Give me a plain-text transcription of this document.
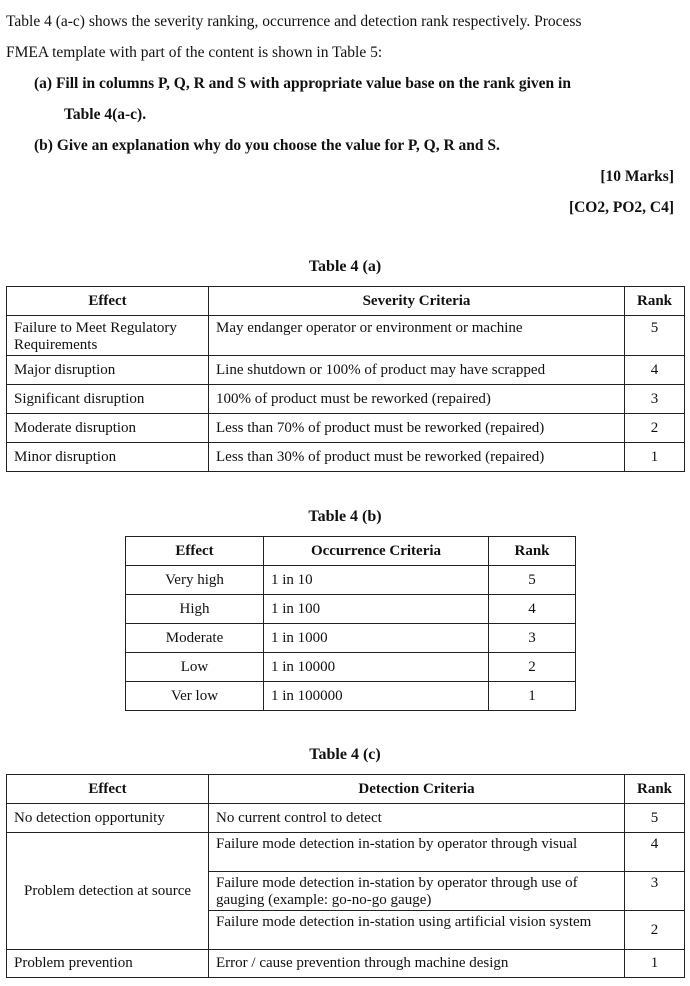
Table 4 (a-c) shows the severity ranking, occurrence and detection rank respectively. Process

FMEA template with part of the content is shown in Table 5:

(a) Fill in columns P, Q, R and S with appropriate value base on the rank given in

Table 4(a-c).

(b) Give an explanation why do you choose the value for P, Q, R and S.

[10 Marks]

[CO2, PO2, C4]

Table 4 (a)
Effect	Severity Criteria	Rank
Failure to Meet Regulatory Requirements	May endanger operator or environment or machine	5
Major disruption	Line shutdown or 100% of product may have scrapped	4
Significant disruption	100% of product must be reworked (repaired)	3
Moderate disruption	Less than 70% of product must be reworked (repaired)	2
Minor disruption	Less than 30% of product must be reworked (repaired)	1
Table 4 (b)
Effect	Occurrence Criteria	Rank
Very high	1 in 10	5
High	1 in 100	4
Moderate	1 in 1000	3
Low	1 in 10000	2
Ver low	1 in 100000	1
Table 4 (c)
Effect	Detection Criteria	Rank
No detection opportunity	No current control to detect	5
Problem detection at source	Failure mode detection in-station by operator through visual	4
	Failure mode detection in-station by operator through use of gauging (example: go-no-go gauge)	3
	Failure mode detection in-station using artificial vision system	2
Problem prevention	Error / cause prevention through machine design	1
